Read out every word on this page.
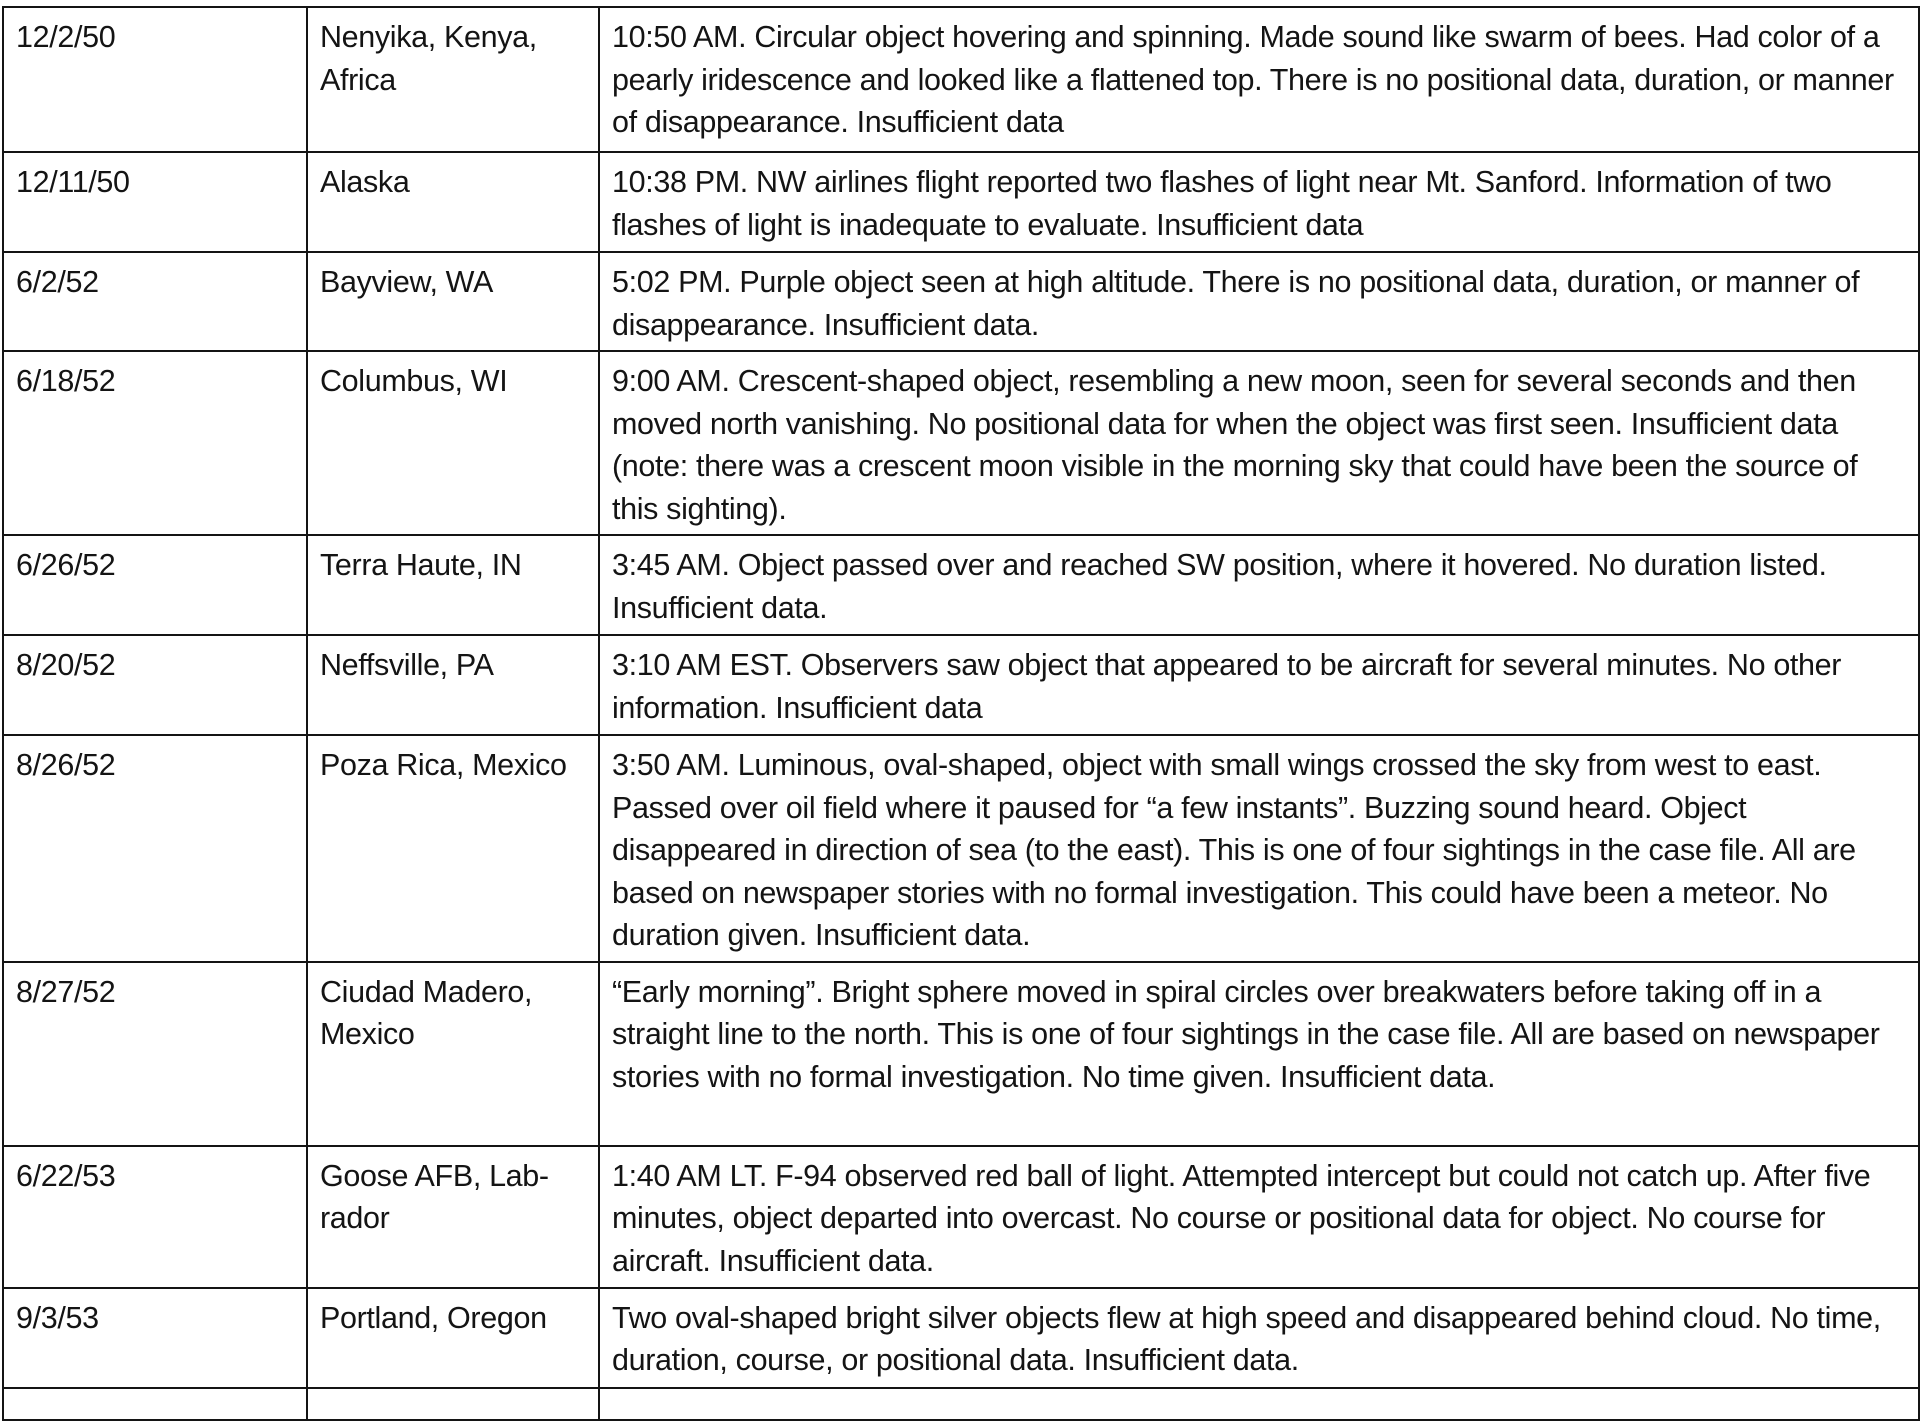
12/2/50	Nenyika, Kenya, Africa	10:50 AM. Circular object hovering and spinning. Made sound like swarm of bees. Had color of a pearly iridescence and looked like a flattened top. There is no positional data, duration, or manner of disappearance. Insufficient data
12/11/50	Alaska	10:38 PM. NW airlines flight reported two flashes of light near Mt. Sanford. Information of two flashes of light is inadequate to evaluate. Insufficient data
6/2/52	Bayview, WA	5:02 PM. Purple object seen at high altitude. There is no positional data, duration, or manner of disappearance. Insufficient data.
6/18/52	Columbus, WI	9:00 AM. Crescent-shaped object, resembling a new moon, seen for several seconds and then moved north vanishing. No positional data for when the object was first seen. Insufficient data (note: there was a crescent moon visible in the morning sky that could have been the source of this sighting).
6/26/52	Terra Haute, IN	3:45 AM. Object passed over and reached SW position, where it hovered. No duration listed. Insufficient data.
8/20/52	Neffsville, PA	3:10 AM EST. Observers saw object that appeared to be aircraft for several minutes. No other information. Insufficient data
8/26/52	Poza Rica, Mexico	3:50 AM. Luminous, oval-shaped, object with small wings crossed the sky from west to east. Passed over oil field where it paused for “a few instants”. Buzzing sound heard. Object disappeared in direction of sea (to the east). This is one of four sightings in the case file. All are based on newspaper stories with no formal investigation. This could have been a meteor. No duration given. Insufficient data.
8/27/52	Ciudad Madero, Mexico	“Early morning”. Bright sphere moved in spiral circles over breakwaters before taking off in a straight line to the north. This is one of four sightings in the case file. All are based on newspaper stories with no formal investigation. No time given. Insufficient data.
6/22/53	Goose AFB, Lab-rador	1:40 AM LT. F-94 observed red ball of light. Attempted intercept but could not catch up. After five minutes, object departed into overcast. No course or positional data for object. No course for aircraft. Insufficient data.
9/3/53	Portland, Oregon	Two oval-shaped bright silver objects flew at high speed and disappeared behind cloud. No time, duration, course, or positional data. Insufficient data.
